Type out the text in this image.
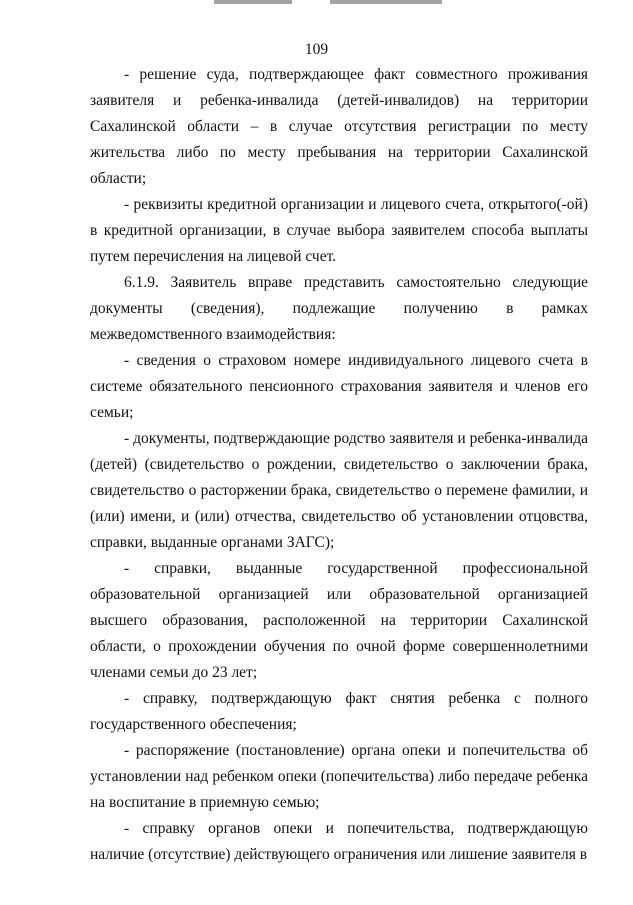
109

- решение суда, подтверждающее факт совместного проживания заявителя и ребенка-инвалида (детей-инвалидов) на территории Сахалинской области – в случае отсутствия регистрации по месту жительства либо по месту пребывания на территории Сахалинской области;

- реквизиты кредитной организации и лицевого счета, открытого(-ой) в кредитной организации, в случае выбора заявителем способа выплаты путем перечисления на лицевой счет.

6.1.9. Заявитель вправе представить самостоятельно следующие документы (сведения), подлежащие получению в рамках межведомственного взаимодействия:

- сведения о страховом номере индивидуального лицевого счета в системе обязательного пенсионного страхования заявителя и членов его семьи;

- документы, подтверждающие родство заявителя и ребенка-инвалида (детей) (свидетельство о рождении, свидетельство о заключении брака, свидетельство о расторжении брака, свидетельство о перемене фамилии, и (или) имени, и (или) отчества, свидетельство об установлении отцовства, справки, выданные органами ЗАГС);

- справки, выданные государственной профессиональной образовательной организацией или образовательной организацией высшего образования, расположенной на территории Сахалинской области, о прохождении обучения по очной форме совершеннолетними членами семьи до 23 лет;

- справку, подтверждающую факт снятия ребенка с полного государственного обеспечения;

- распоряжение (постановление) органа опеки и попечительства об установлении над ребенком опеки (попечительства) либо передаче ребенка на воспитание в приемную семью;

- справку органов опеки и попечительства, подтверждающую наличие (отсутствие) действующего ограничения или лишение заявителя в
